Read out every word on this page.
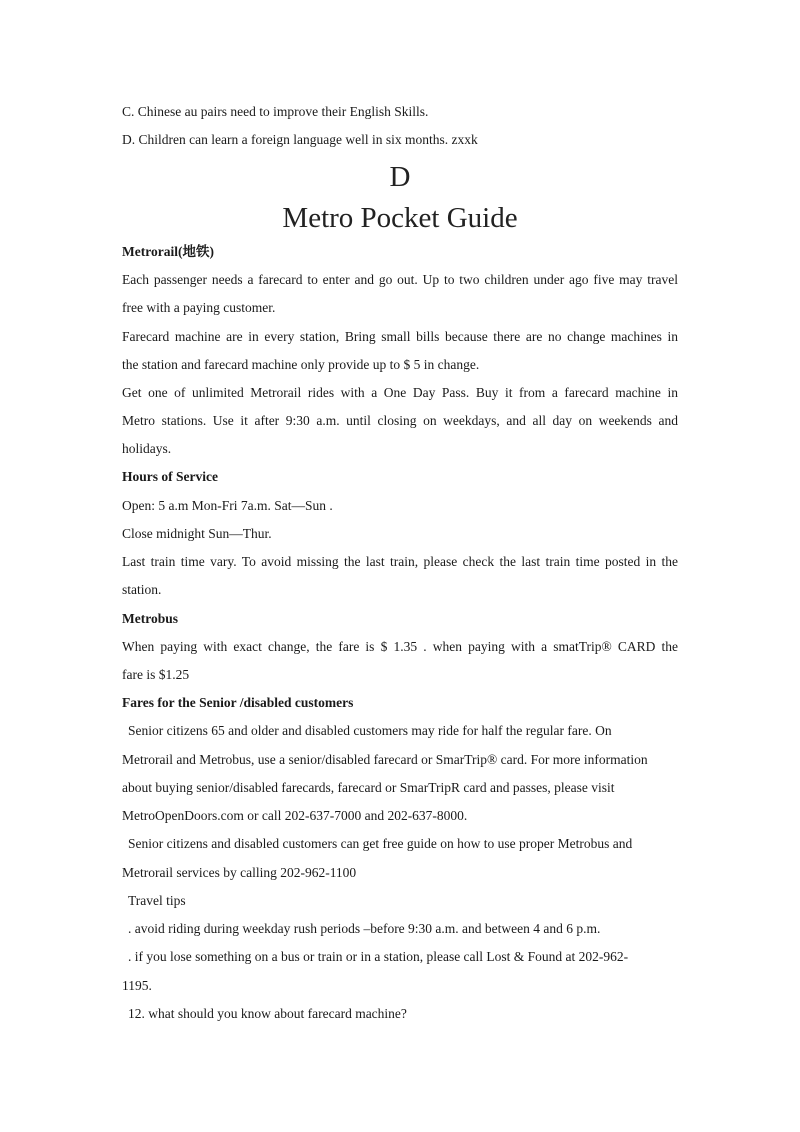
C. Chinese au pairs need to improve their English Skills.
D. Children can learn a foreign language well in six months. zxxk
D
Metro Pocket Guide
Metrorail(地铁)
Each passenger needs a farecard to enter and go out. Up to two children under ago five may travel
free with a paying customer.
Farecard machine are in every station, Bring small bills because there are no change machines in
the station and farecard machine only provide up to $ 5 in change.
Get one of unlimited Metrorail rides with a One Day Pass. Buy it from a farecard machine in
Metro stations. Use it after 9:30 a.m. until closing on weekdays, and all day on weekends and
holidays.
Hours of Service
Open: 5 a.m Mon-Fri 7a.m. Sat—Sun .
Close midnight Sun—Thur.
Last train time vary. To avoid missing the last train, please check the last train time posted in the
station.
Metrobus
When paying with exact change, the fare is $ 1.35 . when paying with a smatTrip® CARD the
fare is $1.25
Fares for the Senior /disabled customers
Senior citizens 65 and older and disabled customers may ride for half the regular fare. On
Metrorail and Metrobus, use a senior/disabled farecard or SmarTrip® card. For more information
about buying senior/disabled farecards, farecard or SmarTripR card and passes, please visit
MetroOpenDoors.com or call 202-637-7000 and 202-637-8000.
Senior citizens and disabled customers can get free guide on how to use proper Metrobus and
Metrorail services by calling 202-962-1100
Travel tips
. avoid riding during weekday rush periods –before 9:30 a.m. and between 4 and 6 p.m.
. if you lose something on a bus or train or in a station, please call Lost & Found at 202-962-
1195.
12. what should you know about farecard machine?
